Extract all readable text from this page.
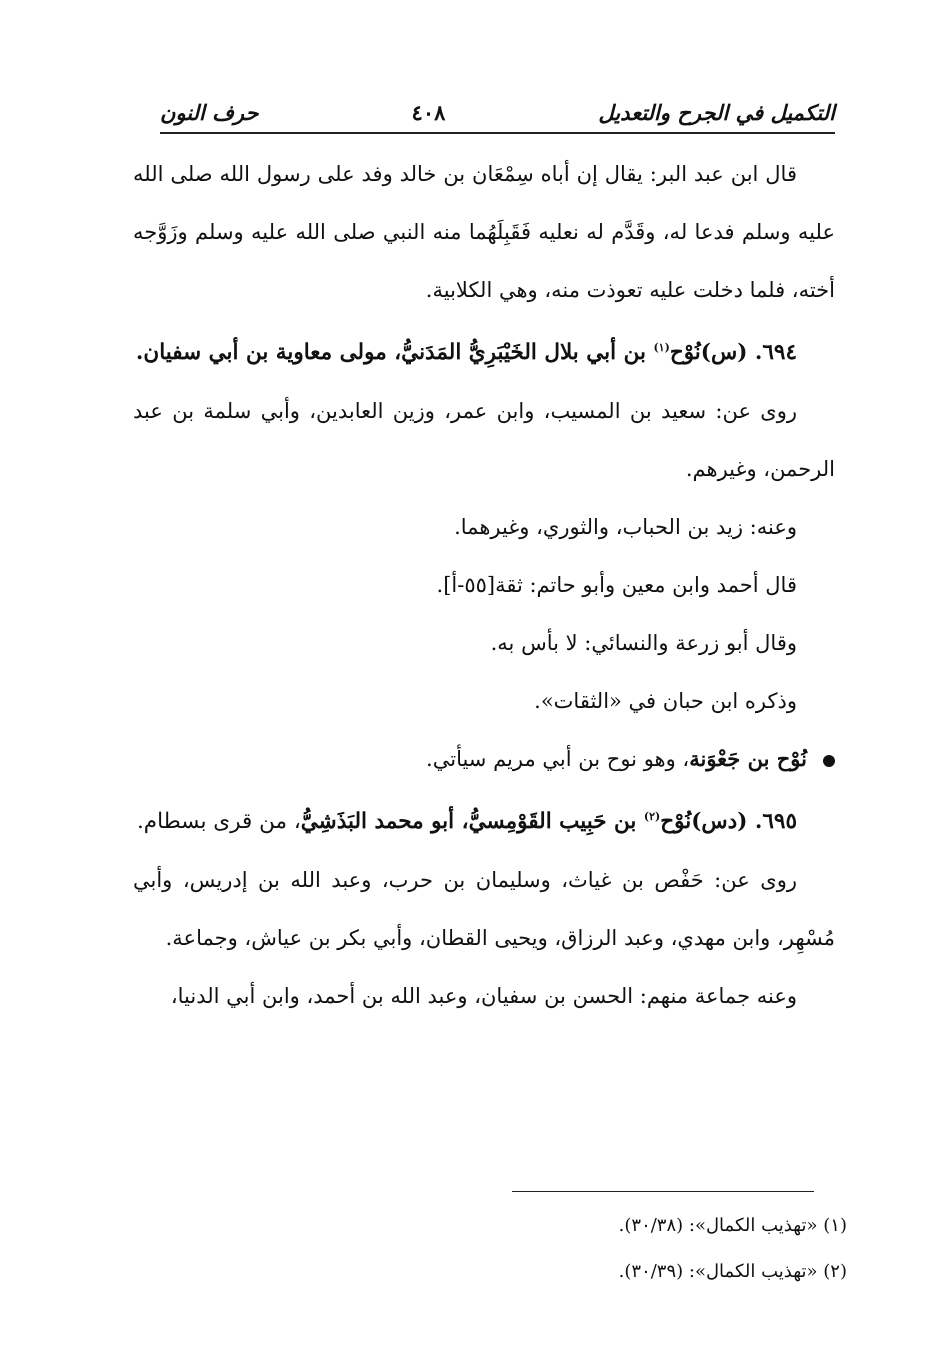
التكميل في الجرح والتعديل
٤٠٨
حرف النون

قال ابن عبد البر: يقال إن أباه سِمْعَان بن خالد وفد على رسول الله صلى الله عليه وسلم فدعا له، وقَدَّم له نعليه فَقَبِلَهُما منه النبي صلى الله عليه وسلم وزَوَّجه أخته، فلما دخلت عليه تعوذت منه، وهي الكلابية.

٦٩٤. (س)نُوْح$^{(١)}$ بن أبي بلال الخَيْبَرِيُّ المَدَنيُّ، مولى معاوية بن أبي سفيان.

روى عن: سعيد بن المسيب، وابن عمر، وزين العابدين، وأبي سلمة بن عبد الرحمن، وغيرهم.

وعنه: زيد بن الحباب، والثوري، وغيرهما.

قال أحمد وابن معين وأبو حاتم: ثقة[٥٥-أ].

وقال أبو زرعة والنسائي: لا بأس به.

وذكره ابن حبان في «الثقات».

نُوْح بن جَعْوَنة، وهو نوح بن أبي مريم سيأتي.

٦٩٥. (دس)نُوْح$^{(٢)}$ بن حَبِيب القَوْمِسيُّ، أبو محمد البَذَشِيُّ، من قرى بسطام.

روى عن: حَفْص بن غياث، وسليمان بن حرب، وعبد الله بن إدريس، وأبي مُسْهِر، وابن مهدي، وعبد الرزاق، ويحيى القطان، وأبي بكر بن عياش، وجماعة.

وعنه جماعة منهم: الحسن بن سفيان، وعبد الله بن أحمد، وابن أبي الدنيا،

(١) «تهذيب الكمال»: (٣٠/٣٨).

(٢) «تهذيب الكمال»: (٣٠/٣٩).
